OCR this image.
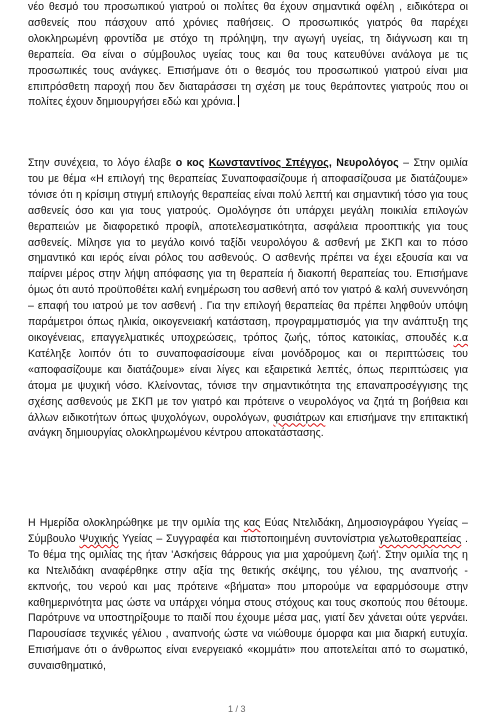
νέο θεσμό του προσωπικού γιατρού οι πολίτες θα έχουν σημαντικά οφέλη , ειδικότερα οι ασθενείς που πάσχουν από χρόνιες παθήσεις. Ο προσωπικός γιατρός θα παρέχει ολοκληρωμένη φροντίδα με στόχο τη πρόληψη, την αγωγή υγείας, τη διάγνωση και τη θεραπεία. Θα είναι ο σύμβουλος υγείας τους και θα τους κατευθύνει ανάλογα με τις προσωπικές τους ανάγκες. Επισήμανε ότι ο θεσμός του προσωπικού γιατρού είναι μια επιπρόσθετη παροχή που δεν διαταράσσει τη σχέση με τους θεράποντες γιατρούς που οι πολίτες έχουν δημιουργήσει εδώ και χρόνια.
Στην συνέχεια, το λόγο έλαβε ο κος Κωνσταντίνος Σπέγγος, Νευρολόγος – Στην ομιλία του με θέμα «Η επιλογή της θεραπείας Συναποφασίζουμε ή αποφασίζουσα με διατάζουμε» τόνισε ότι η κρίσιμη στιγμή επιλογής θεραπείας είναι πολύ λεπτή και σημαντική τόσο για τους ασθενείς όσο και για τους γιατρούς. Ομολόγησε ότι υπάρχει μεγάλη ποικιλία επιλογών θεραπειών με διαφορετικό προφίλ, αποτελεσματικότητα, ασφάλεια προοπτικής για τους ασθενείς. Μίλησε για το μεγάλο κοινό ταξίδι νευρολόγου & ασθενή με ΣΚΠ και το πόσο σημαντικό και ιερός είναι ρόλος του ασθενούς. Ο ασθενής πρέπει να έχει εξουσία και να παίρνει μέρος στην λήψη απόφασης για τη θεραπεία ή διακοπή θεραπείας του. Επισήμανε όμως ότι αυτό προϋποθέτει καλή ενημέρωση του ασθενή από τον γιατρό & καλή συνεννόηση – επαφή του ιατρού με τον ασθενή . Για την επιλογή θεραπείας θα πρέπει ληφθούν υπόψη παράμετροι όπως ηλικία, οικογενειακή κατάσταση, προγραμματισμός για την ανάπτυξη της οικογένειας, επαγγελματικές υποχρεώσεις, τρόπος ζωής, τόπος κατοικίας, σπουδές κ.α Κατέληξε λοιπόν ότι το συναποφασίσουμε είναι μονόδρομος και οι περιπτώσεις του «αποφασίζουμε και διατάζουμε» είναι λίγες και εξαιρετικά λεπτές, όπως περιπτώσεις για άτομα με ψυχική νόσο. Κλείνοντας, τόνισε την σημαντικότητα της επαναπροσέγγισης της σχέσης ασθενούς με ΣΚΠ με τον γιατρό και πρότεινε ο νευρολόγος να ζητά τη βοήθεια και άλλων ειδικοτήτων όπως ψυχολόγων, ουρολόγων, φυσιάτρων και επισήμανε την επιτακτική ανάγκη δημιουργίας ολοκληρωμένου κέντρου αποκατάστασης.
Η Ημερίδα ολοκληρώθηκε με την ομιλία της κας Εύας Ντελιδάκη, Δημοσιογράφου Υγείας – Σύμβουλο Ψυχικής Υγείας – Συγγραφέα και πιστοποιημένη συντονίστρια γελωτοθεραπείας . Το θέμα της ομιλίας της ήταν 'Ασκήσεις θάρρους για μια χαρούμενη ζωή'. Στην ομιλία της η κα Ντελιδάκη αναφέρθηκε στην αξία της θετικής σκέψης, του γέλιου, της αναπνοής - εκπνοής, του νερού και μας πρότεινε «βήματα» που μπορούμε να εφαρμόσουμε στην καθημερινότητα μας ώστε να υπάρχει νόημα στους στόχους και τους σκοπούς που θέτουμε. Παρότρυνε να υποστηρίξουμε το παιδί που έχουμε μέσα μας, γιατί δεν χάνεται ούτε γερνάει. Παρουσίασε τεχνικές γέλιου , αναπνοής ώστε να νιώθουμε όμορφα και μια διαρκή ευτυχία. Επισήμανε ότι ο άνθρωπος είναι ενεργειακό «κομμάτι» που αποτελείται από το σωματικό, συναισθηματικό,
1 / 3
